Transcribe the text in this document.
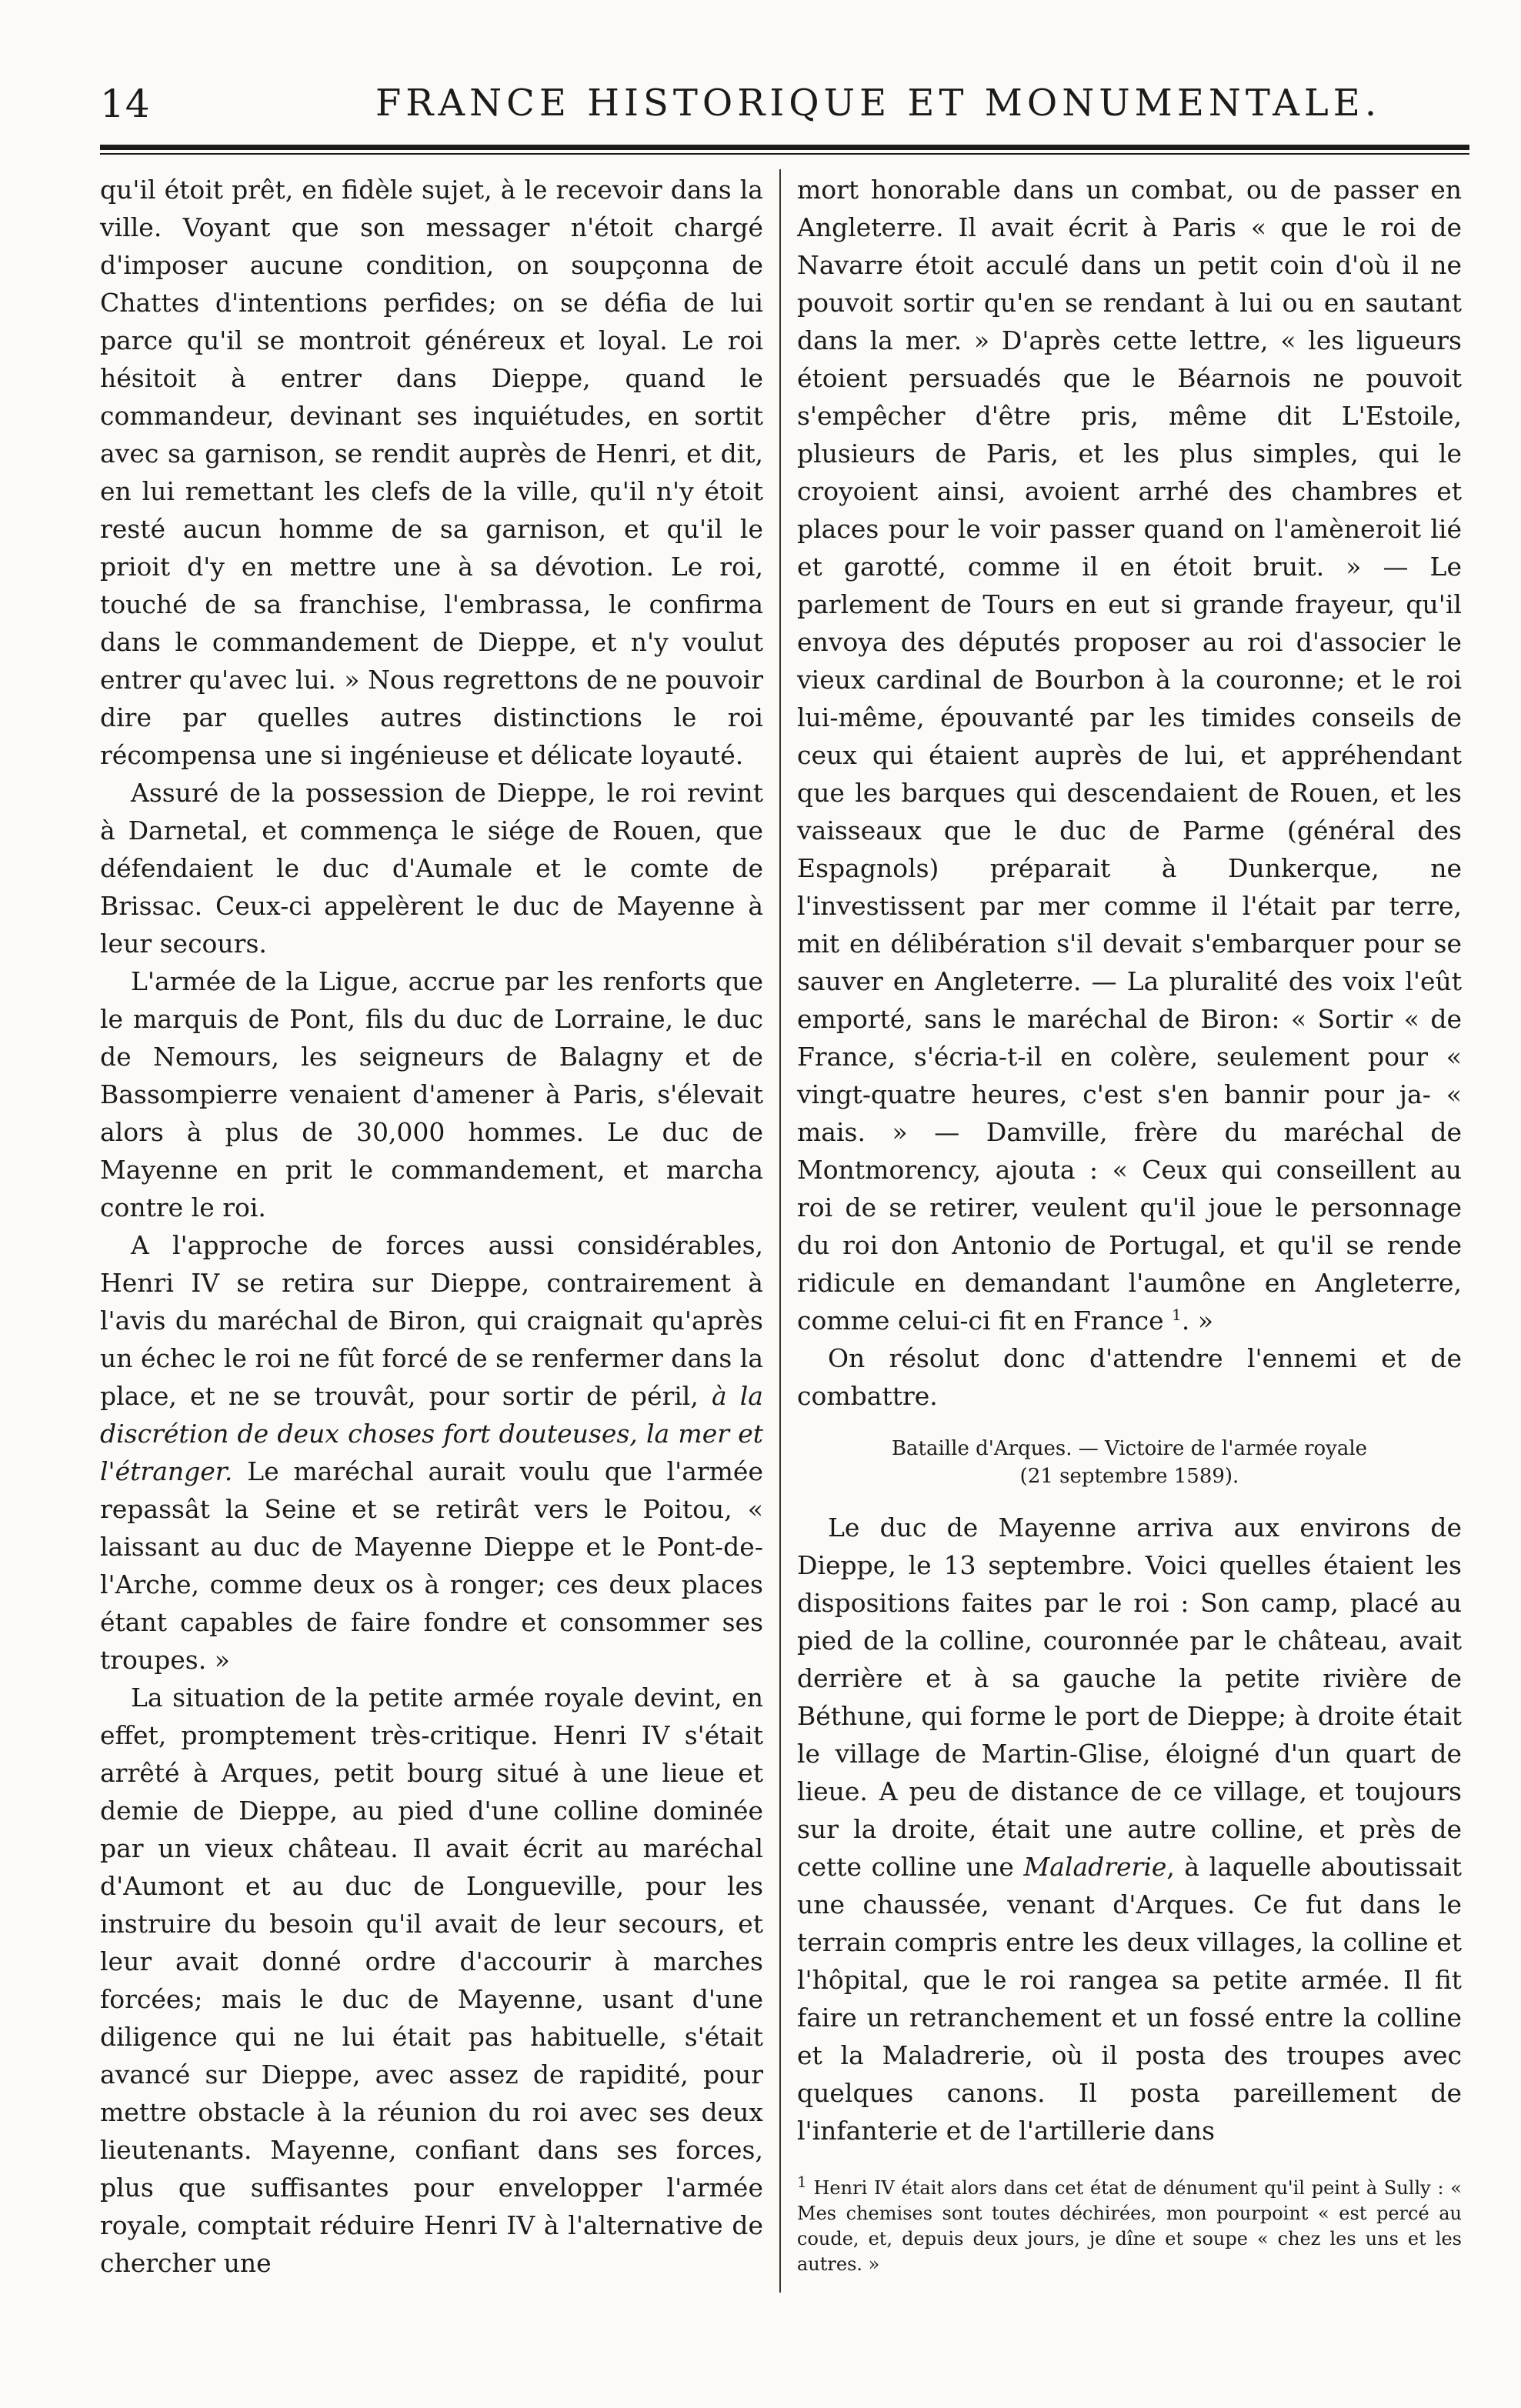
14	FRANCE HISTORIQUE ET MONUMENTALE.

qu'il étoit prêt, en fidèle sujet, à le recevoir dans la ville. Voyant que son messager n'étoit chargé d'imposer aucune condition, on soupçonna de Chattes d'intentions perfides; on se défia de lui parce qu'il se montroit généreux et loyal. Le roi hésitoit à entrer dans Dieppe, quand le commandeur, devinant ses inquiétudes, en sortit avec sa garnison, se rendit auprès de Henri, et dit, en lui remettant les clefs de la ville, qu'il n'y étoit resté aucun homme de sa garnison, et qu'il le prioit d'y en mettre une à sa dévotion. Le roi, touché de sa franchise, l'embrassa, le confirma dans le commandement de Dieppe, et n'y voulut entrer qu'avec lui. » Nous regrettons de ne pouvoir dire par quelles autres distinctions le roi récompensa une si ingénieuse et délicate loyauté.

Assuré de la possession de Dieppe, le roi revint à Darnetal, et commença le siége de Rouen, que défendaient le duc d'Aumale et le comte de Brissac. Ceux-ci appelèrent le duc de Mayenne à leur secours.

L'armée de la Ligue, accrue par les renforts que le marquis de Pont, fils du duc de Lorraine, le duc de Nemours, les seigneurs de Balagny et de Bassompierre venaient d'amener à Paris, s'élevait alors à plus de 30,000 hommes. Le duc de Mayenne en prit le commandement, et marcha contre le roi.

A l'approche de forces aussi considérables, Henri IV se retira sur Dieppe, contrairement à l'avis du maréchal de Biron, qui craignait qu'après un échec le roi ne fût forcé de se renfermer dans la place, et ne se trouvât, pour sortir de péril, à la discrétion de deux choses fort douteuses, la mer et l'étranger. Le maréchal aurait voulu que l'armée repassât la Seine et se retirât vers le Poitou, « laissant au duc de Mayenne Dieppe et le Pont-de-l'Arche, comme deux os à ronger; ces deux places étant capables de faire fondre et consommer ses troupes. »

La situation de la petite armée royale devint, en effet, promptement très-critique. Henri IV s'était arrêté à Arques, petit bourg situé à une lieue et demie de Dieppe, au pied d'une colline dominée par un vieux château. Il avait écrit au maréchal d'Aumont et au duc de Longueville, pour les instruire du besoin qu'il avait de leur secours, et leur avait donné ordre d'accourir à marches forcées; mais le duc de Mayenne, usant d'une diligence qui ne lui était pas habituelle, s'était avancé sur Dieppe, avec assez de rapidité, pour mettre obstacle à la réunion du roi avec ses deux lieutenants. Mayenne, confiant dans ses forces, plus que suffisantes pour envelopper l'armée royale, comptait réduire Henri IV à l'alternative de chercher une

mort honorable dans un combat, ou de passer en Angleterre. Il avait écrit à Paris « que le roi de Navarre étoit acculé dans un petit coin d'où il ne pouvoit sortir qu'en se rendant à lui ou en sautant dans la mer. » D'après cette lettre, « les ligueurs étoient persuadés que le Béarnois ne pouvoit s'empêcher d'être pris, même dit L'Estoile, plusieurs de Paris, et les plus simples, qui le croyoient ainsi, avoient arrhé des chambres et places pour le voir passer quand on l'amèneroit lié et garotté, comme il en étoit bruit. » — Le parlement de Tours en eut si grande frayeur, qu'il envoya des députés proposer au roi d'associer le vieux cardinal de Bourbon à la couronne; et le roi lui-même, épouvanté par les timides conseils de ceux qui étaient auprès de lui, et appréhendant que les barques qui descendaient de Rouen, et les vaisseaux que le duc de Parme (général des Espagnols) préparait à Dunkerque, ne l'investissent par mer comme il l'était par terre, mit en délibération s'il devait s'embarquer pour se sauver en Angleterre. — La pluralité des voix l'eût emporté, sans le maréchal de Biron: « Sortir « de France, s'écria-t-il en colère, seulement pour « vingt-quatre heures, c'est s'en bannir pour ja- « mais. » — Damville, frère du maréchal de Montmorency, ajouta : « Ceux qui conseillent au roi de se retirer, veulent qu'il joue le personnage du roi don Antonio de Portugal, et qu'il se rende ridicule en demandant l'aumône en Angleterre, comme celui-ci fit en France $^1$. »

On résolut donc d'attendre l'ennemi et de combattre.

Bataille d'Arques. — Victoire de l'armée royale
(21 septembre 1589).

Le duc de Mayenne arriva aux environs de Dieppe, le 13 septembre. Voici quelles étaient les dispositions faites par le roi : Son camp, placé au pied de la colline, couronnée par le château, avait derrière et à sa gauche la petite rivière de Béthune, qui forme le port de Dieppe; à droite était le village de Martin-Glise, éloigné d'un quart de lieue. A peu de distance de ce village, et toujours sur la droite, était une autre colline, et près de cette colline une Maladrerie, à laquelle aboutissait une chaussée, venant d'Arques. Ce fut dans le terrain compris entre les deux villages, la colline et l'hôpital, que le roi rangea sa petite armée. Il fit faire un retranchement et un fossé entre la colline et la Maladrerie, où il posta des troupes avec quelques canons. Il posta pareillement de l'infanterie et de l'artillerie dans

$^1$ Henri IV était alors dans cet état de dénument qu'il peint à Sully : « Mes chemises sont toutes déchirées, mon pourpoint « est percé au coude, et, depuis deux jours, je dîne et soupe « chez les uns et les autres. »
